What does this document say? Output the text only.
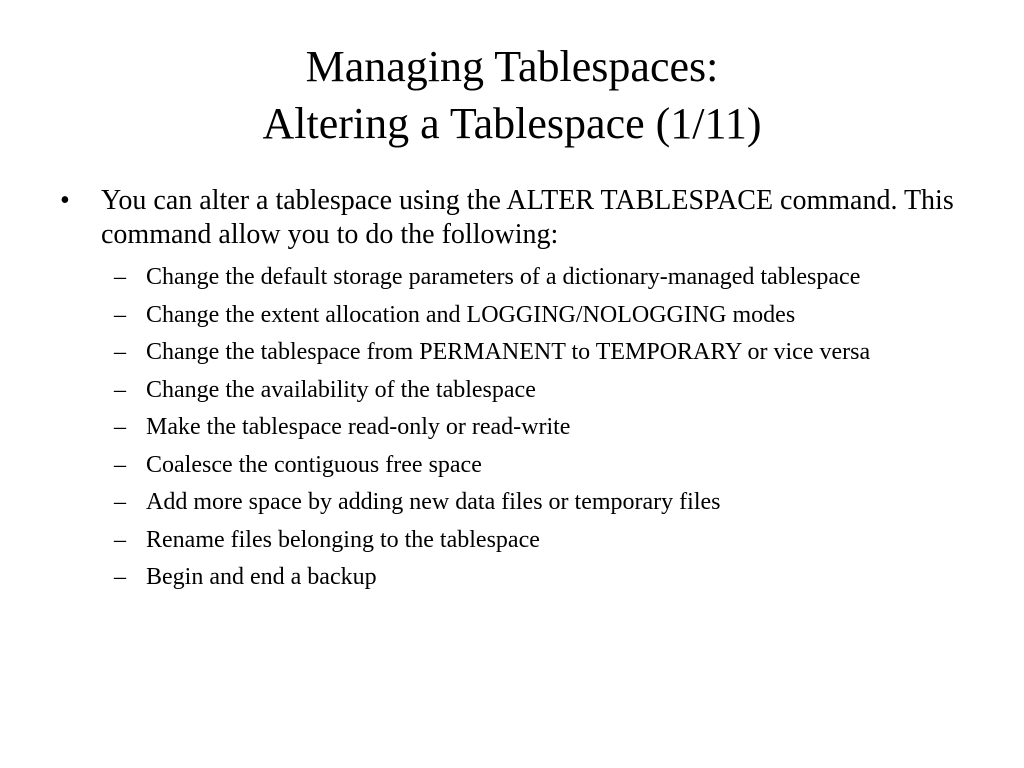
Managing Tablespaces:
Altering a Tablespace (1/11)
• You can alter a tablespace using the ALTER TABLESPACE command. This command allow you to do the following:
– Change the default storage parameters of a dictionary-managed tablespace
– Change the extent allocation and LOGGING/NOLOGGING modes
– Change the tablespace from PERMANENT to TEMPORARY or vice versa
– Change the availability of the tablespace
– Make the tablespace read-only or read-write
– Coalesce the contiguous free space
– Add more space by adding new data files or temporary files
– Rename files belonging to the tablespace
– Begin and end a backup
